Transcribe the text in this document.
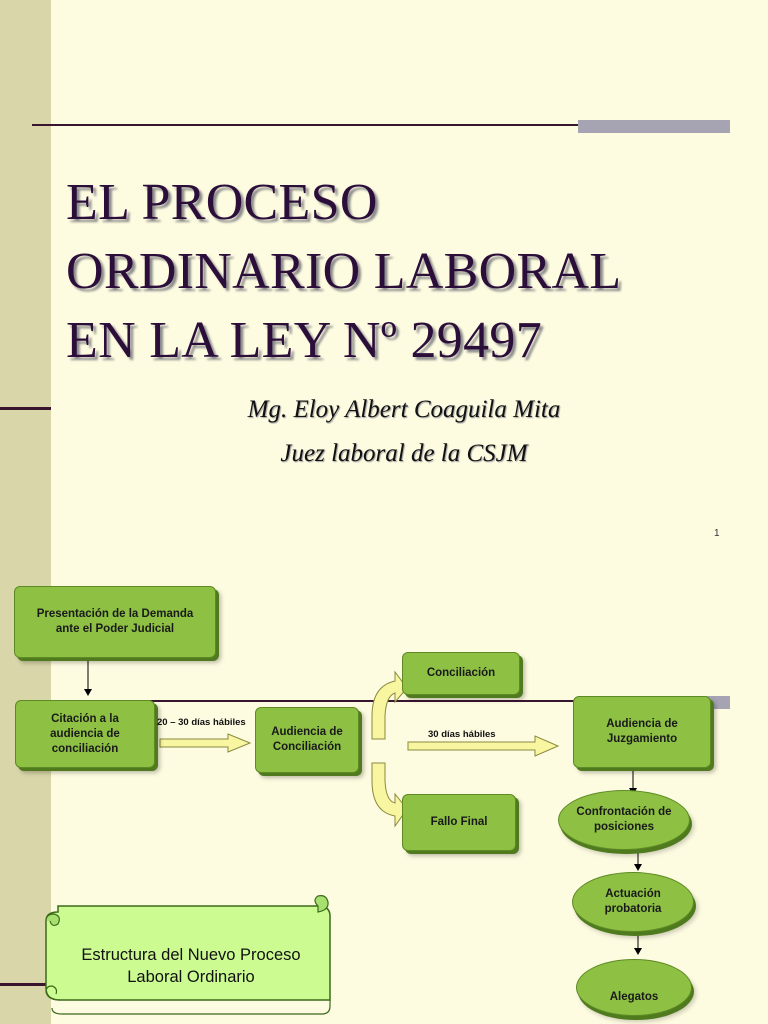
EL PROCESO
ORDINARIO LABORAL
EN LA LEY Nº 29497
Mg. Eloy Albert Coaguila Mita
Juez laboral de la CSJM
1
Presentación de la Demanda ante el Poder Judicial
Citación a la audiencia de conciliación
20 – 30 días hábiles
Audiencia de Conciliación
Conciliación
Fallo Final
30 días hábiles
Audiencia de Juzgamiento
Confrontación de posiciones
Actuación probatoria
Alegatos
Estructura del Nuevo Proceso Laboral Ordinario
